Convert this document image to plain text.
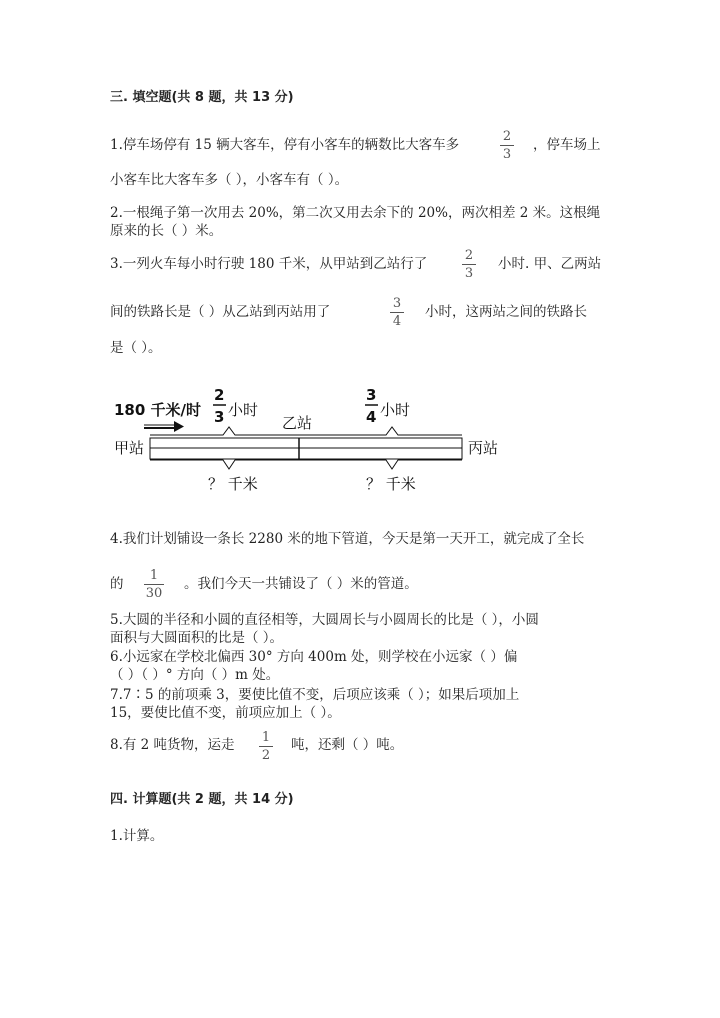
三. 填空题(共 8 题，共 13 分)
1.停车场停有 15 辆大客车，停有小客车的辆数比大客车多
2
3
，停车场上
小客车比大客车多（ ），小客车有（ ）。
2.一根绳子第一次用去 20%，第二次又用去余下的 20%，两次相差 2 米。这根绳
原来的长（ ）米。
3.一列火车每小时行驶 180 千米，从甲站到乙站行了
2
3
小时. 甲、乙两站
间的铁路长是（ ）从乙站到丙站用了
3
4
小时，这两站之间的铁路长
是（ ）。
180 千米/时
2
3 小时
3
4 小时
乙站
甲站	丙站
？ 千米	？ 千米
4.我们计划铺设一条长 2280 米的地下管道，今天是第一天开工，就完成了全长
的
1
30
。我们今天一共铺设了（ ）米的管道。
5.大圆的半径和小圆的直径相等，大圆周长与小圆周长的比是（ ），小圆
面积与大圆面积的比是（ ）。
6.小远家在学校北偏西 30° 方向 400m 处，则学校在小远家（ ）偏
（ ）（ ）° 方向（ ）m 处。
7.7∶5 的前项乘 3，要使比值不变，后项应该乘（ ）；如果后项加上
15，要使比值不变，前项应加上（ ）。
8.有 2 吨货物，运走 1
2
吨，还剩（ ）吨。
四. 计算题(共 2 题，共 14 分)
1.计算。
